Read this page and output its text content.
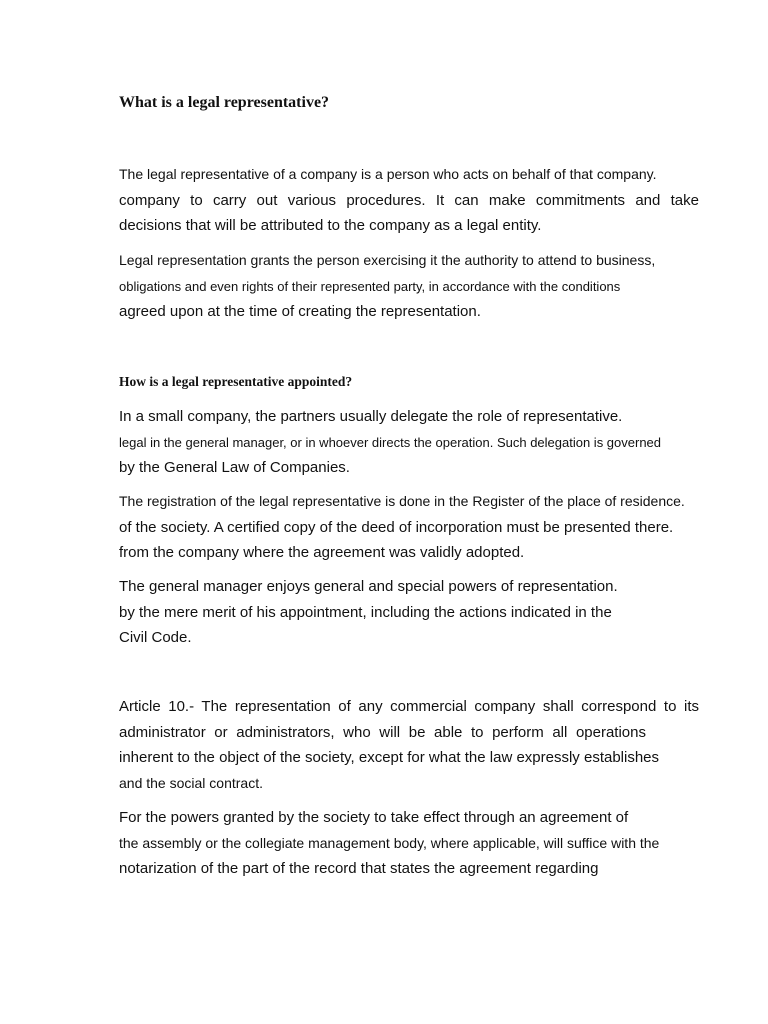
What is a legal representative?
The legal representative of a company is a person who acts on behalf of that company.
company to carry out various procedures. It can make commitments and take
decisions that will be attributed to the company as a legal entity.
Legal representation grants the person exercising it the authority to attend to business,
obligations and even rights of their represented party, in accordance with the conditions
agreed upon at the time of creating the representation.
How is a legal representative appointed?
In a small company, the partners usually delegate the role of representative.
legal in the general manager, or in whoever directs the operation. Such delegation is governed
by the General Law of Companies.
The registration of the legal representative is done in the Register of the place of residence.
of the society. A certified copy of the deed of incorporation must be presented there.
from the company where the agreement was validly adopted.
The general manager enjoys general and special powers of representation.
by the mere merit of his appointment, including the actions indicated in the
Civil Code.
Article 10.- The representation of any commercial company shall correspond to its
administrator or administrators, who will be able to perform all operations
inherent to the object of the society, except for what the law expressly establishes
and the social contract.
For the powers granted by the society to take effect through an agreement of
the assembly or the collegiate management body, where applicable, will suffice with the
notarization of the part of the record that states the agreement regarding
